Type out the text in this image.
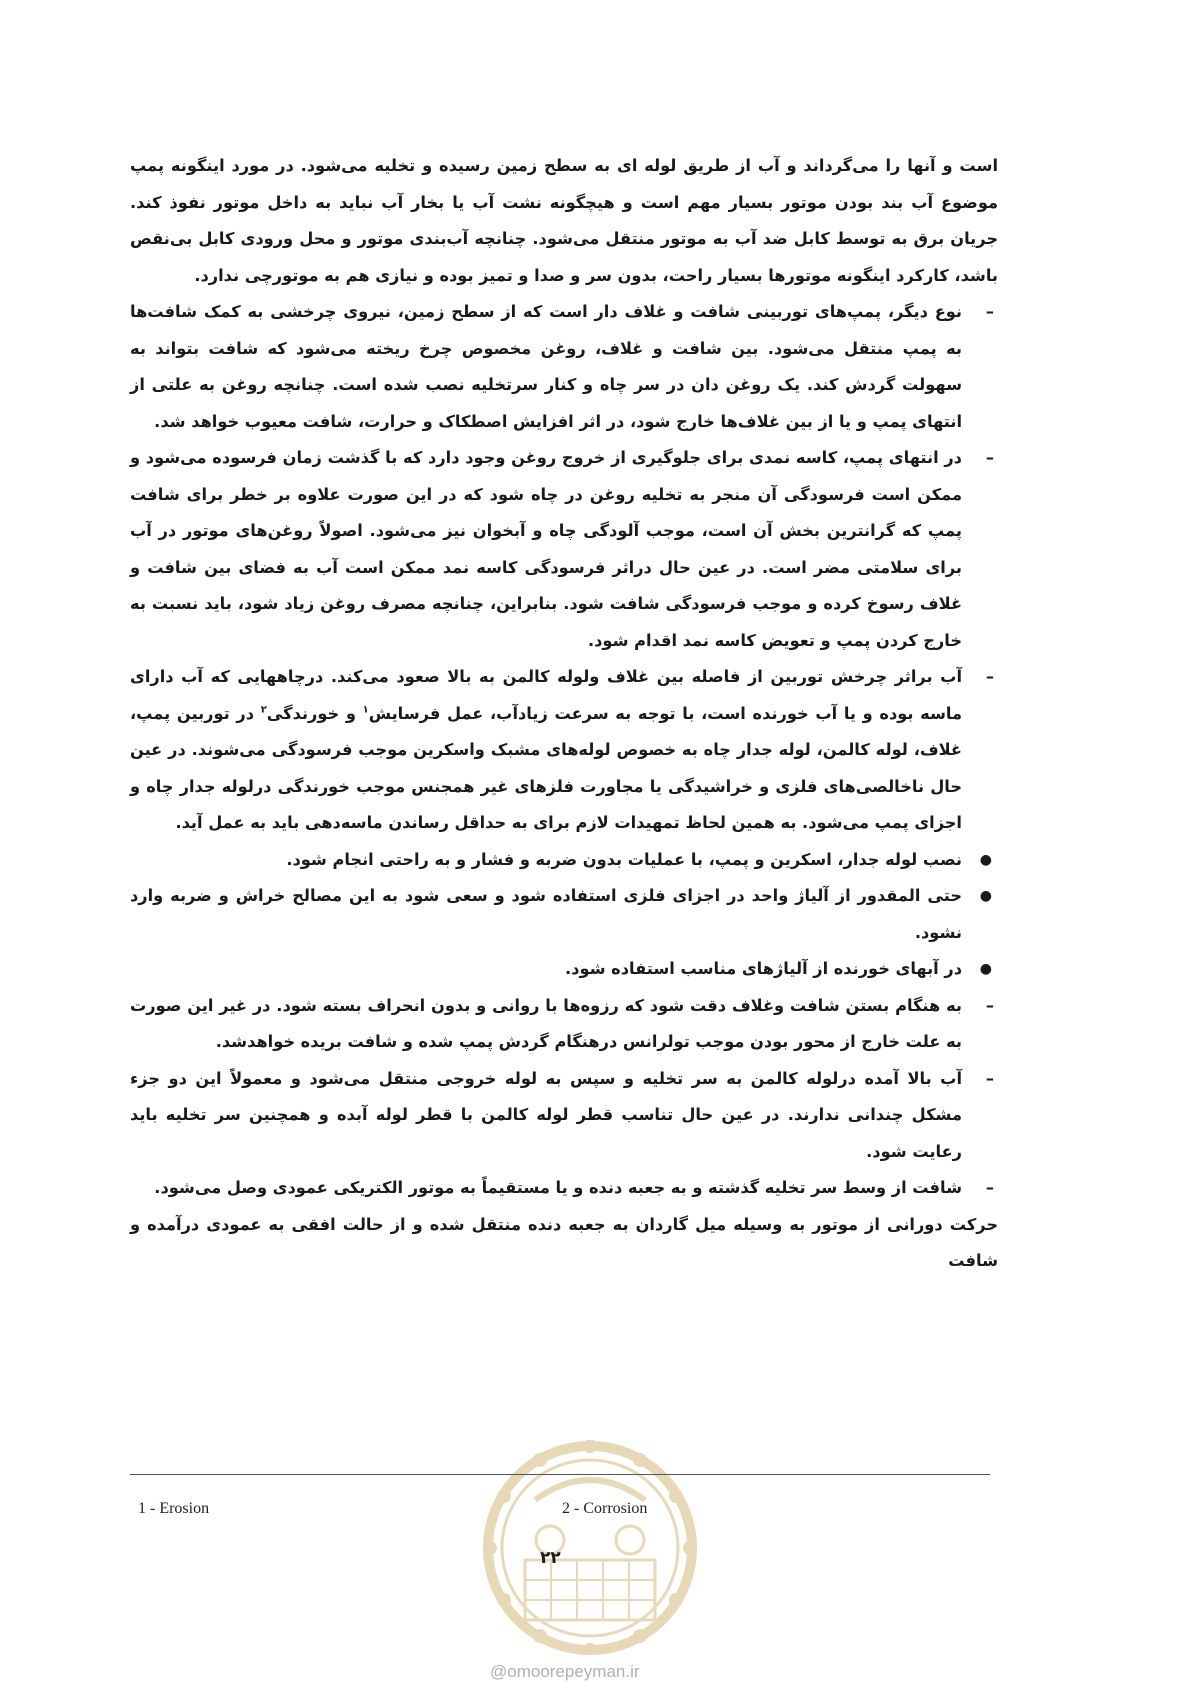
است و آنها را می‌گرداند و آب از طریق لوله ای به سطح زمین رسیده و تخلیه می‌شود. در مورد اینگونه پمپ موضوع آب بند بودن موتور بسیار مهم است و هیچگونه نشت آب یا بخار آب نباید به داخل موتور نفوذ کند. جریان برق به توسط کابل ضد آب به موتور منتقل می‌شود. چنانچه آب‌بندی موتور و محل ورودی کابل بی‌نقص باشد، کارکرد اینگونه موتورها بسیار راحت، بدون سر و صدا و تمیز بوده و نیازی هم به موتورچی ندارد.

–
نوع دیگر، پمپ‌های توربینی شافت و غلاف دار است که از سطح زمین، نیروی چرخشی به کمک شافت‌ها به پمپ منتقل می‌شود. بین شافت و غلاف، روغن مخصوص چرخ ریخته می‌شود که شافت بتواند به سهولت گردش کند. یک روغن دان در سر چاه و کنار سرتخلیه نصب شده است. چنانچه روغن به علتی از انتهای پمپ و یا از بین غلاف‌ها خارج شود، در اثر افزایش اصطکاک و حرارت، شافت معیوب خواهد شد.

–
در انتهای پمپ، کاسه نمدی برای جلوگیری از خروج روغن وجود دارد که با گذشت زمان فرسوده می‌شود و ممکن است فرسودگی آن منجر به تخلیه روغن در چاه شود که در این صورت علاوه بر خطر برای شافت پمپ که گرانترین بخش آن است، موجب آلودگی چاه و آبخوان نیز می‌شود. اصولاً روغن‌های موتور در آب برای سلامتی مضر است. در عین حال دراثر فرسودگی کاسه نمد ممکن است آب به فضای بین شافت و غلاف رسوخ کرده و موجب فرسودگی شافت شود. بنابراین، چنانچه مصرف روغن زیاد شود، باید نسبت به خارج کردن پمپ و تعویض کاسه نمد اقدام شود.

–
آب براثر چرخش توربین از فاصله بین غلاف ولوله کالمن به بالا صعود می‌کند. درچاههایی که آب دارای ماسه بوده و یا آب خورنده است، با توجه به سرعت زیادآب، عمل فرسایش$^۱$ و خورندگی$^۲$ در توربین پمپ، غلاف، لوله کالمن، لوله جدار چاه به خصوص لوله‌های مشبک واسکرین موجب فرسودگی می‌شوند. در عین حال ناخالصی‌های فلزی و خراشیدگی یا مجاورت فلزهای غیر همجنس موجب خورندگی درلوله جدار چاه و اجزای پمپ می‌شود. به همین لحاظ تمهیدات لازم برای به حداقل رساندن ماسه‌دهی باید به عمل آید.

●
نصب لوله جدار، اسکرین و پمپ، با عملیات بدون ضربه و فشار و به راحتی انجام شود.

●
حتی المقدور از آلیاژ واحد در اجزای فلزی استفاده شود و سعی شود به این مصالح خراش و ضربه وارد نشود.

●
در آبهای خورنده از آلیاژهای مناسب استفاده شود.

–
به هنگام بستن شافت وغلاف دقت شود که رزوه‌ها با روانی و بدون انحراف بسته شود. در غیر این صورت به علت خارج از محور بودن موجب تولرانس درهنگام گردش پمپ شده و شافت بریده خواهدشد.

–
آب بالا آمده درلوله کالمن به سر تخلیه و سپس به لوله خروجی منتقل می‌شود و معمولاً این دو جزء مشکل چندانی ندارند. در عین حال تناسب قطر لوله کالمن با قطر لوله آبده و همچنین سر تخلیه باید رعایت شود.

–
شافت از وسط سر تخلیه گذشته و به جعبه دنده و یا مستقیماً به موتور الکتریکی عمودی وصل می‌شود.

حرکت دورانی از موتور به وسیله میل گاردان به جعبه دنده منتقل شده و از حالت افقی به عمودی درآمده و شافت

1 - Erosion	2 - Corrosion
۲۲
@omoorepeyman.ir
